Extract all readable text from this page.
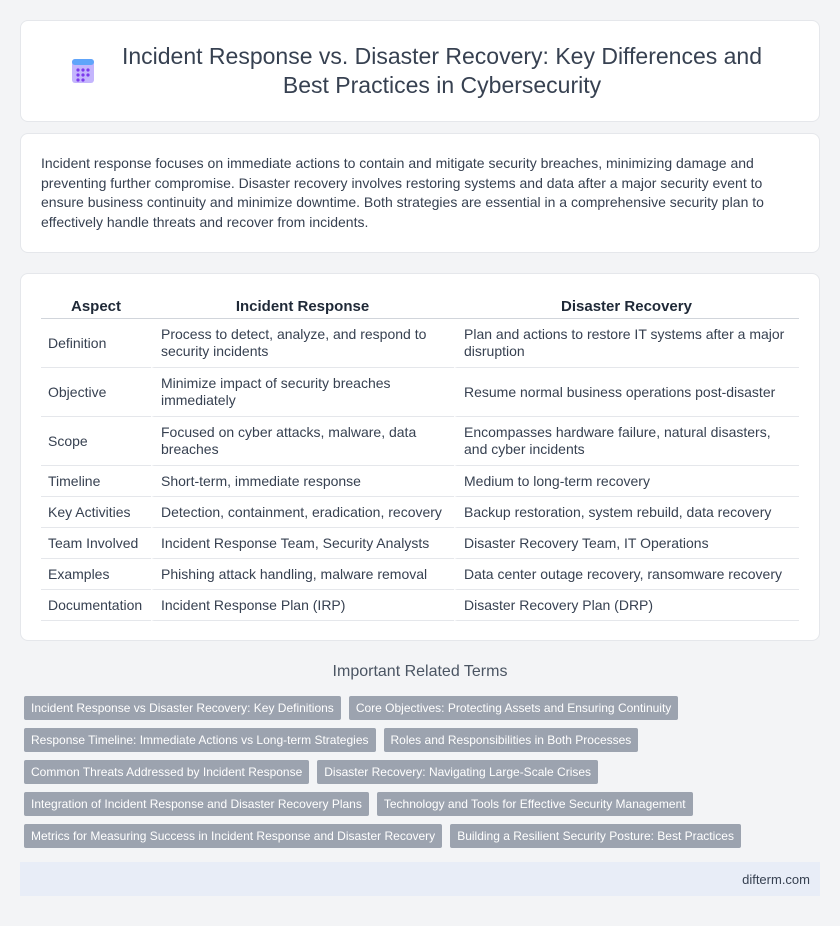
Incident Response vs. Disaster Recovery: Key Differences and Best Practices in Cybersecurity

Incident response focuses on immediate actions to contain and mitigate security breaches, minimizing damage and preventing further compromise. Disaster recovery involves restoring systems and data after a major security event to ensure business continuity and minimize downtime. Both strategies are essential in a comprehensive security plan to effectively handle threats and recover from incidents.

Aspect	Incident Response	Disaster Recovery
Definition	Process to detect, analyze, and respond to security incidents	Plan and actions to restore IT systems after a major disruption
Objective	Minimize impact of security breaches immediately	Resume normal business operations post-disaster
Scope	Focused on cyber attacks, malware, data breaches	Encompasses hardware failure, natural disasters, and cyber incidents
Timeline	Short-term, immediate response	Medium to long-term recovery
Key Activities	Detection, containment, eradication, recovery	Backup restoration, system rebuild, data recovery
Team Involved	Incident Response Team, Security Analysts	Disaster Recovery Team, IT Operations
Examples	Phishing attack handling, malware removal	Data center outage recovery, ransomware recovery
Documentation	Incident Response Plan (IRP)	Disaster Recovery Plan (DRP)
Important Related Terms
Incident Response vs Disaster Recovery: Key Definitions	Core Objectives: Protecting Assets and Ensuring Continuity
Response Timeline: Immediate Actions vs Long-term Strategies	Roles and Responsibilities in Both Processes
Common Threats Addressed by Incident Response	Disaster Recovery: Navigating Large-Scale Crises
Integration of Incident Response and Disaster Recovery Plans	Technology and Tools for Effective Security Management
Metrics for Measuring Success in Incident Response and Disaster Recovery	Building a Resilient Security Posture: Best Practices
difterm.com
